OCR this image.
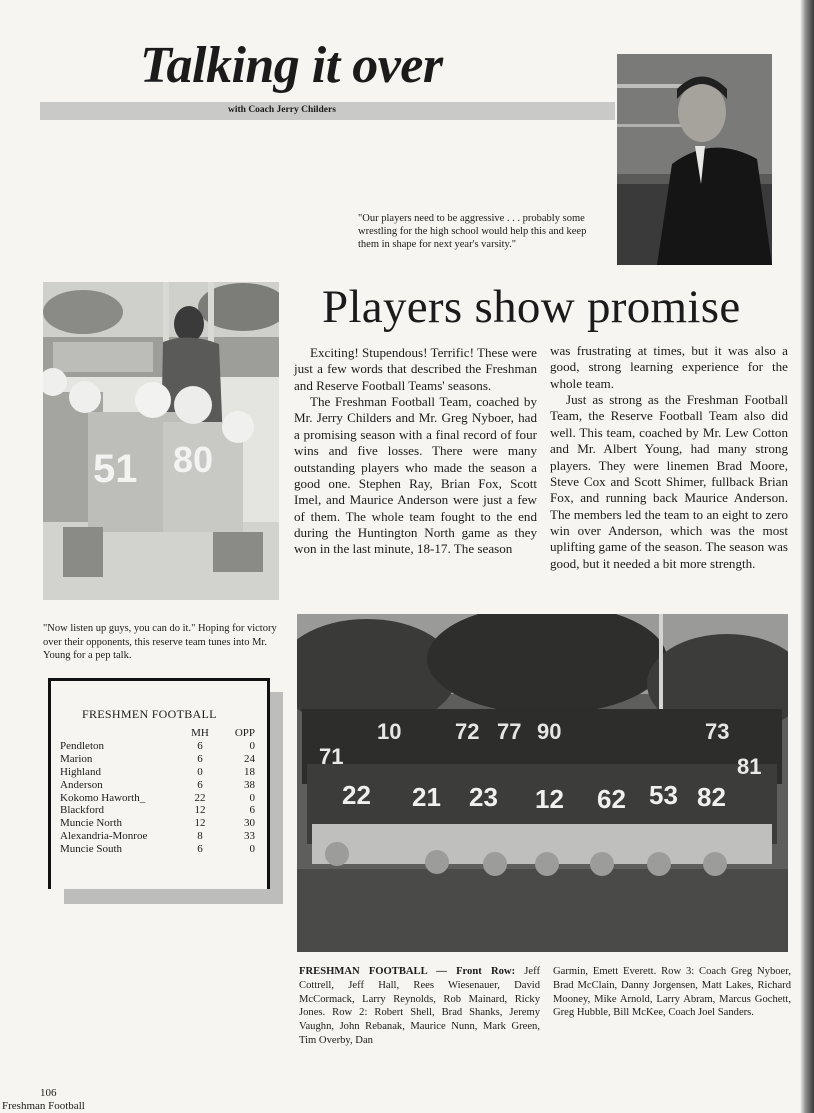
Talking it over
with Coach Jerry Childers
"Our players need to be aggressive . . . probably some wrestling for the high school would help this and keep them in shape for next year's varsity."
51 80
"Now listen up guys, you can do it." Hoping for victory over their opponents, this reserve team tunes into Mr. Young for a pep talk.
Players show promise

Exciting! Stupendous! Terrific! These were just a few words that described the Freshman and Reserve Football Teams' seasons.

The Freshman Football Team, coached by Mr. Jerry Childers and Mr. Greg Nyboer, had a promising season with a final record of four wins and five losses. There were many outstanding players who made the season a good one. Stephen Ray, Brian Fox, Scott Imel, and Maurice Anderson were just a few of them. The whole team fought to the end during the Huntington North game as they won in the last minute, 18-17. The season

was frustrating at times, but it was also a good, strong learning experience for the whole team.

Just as strong as the Freshman Football Team, the Reserve Football Team also did well. This team, coached by Mr. Lew Cotton and Mr. Albert Young, had many strong players. They were linemen Brad Moore, Steve Cox and Scott Shimer, fullback Brian Fox, and running back Maurice Anderson. The members led the team to an eight to zero win over Anderson, which was the most uplifting game of the season. The season was good, but it needed a bit more strength.

FRESHMEN FOOTBALL
	MH	OPP
Pendleton	6	0
Marion	6	24
Highland	0	18
Anderson	6	38
Kokomo Haworth_	22	0
Blackford	12	6
Muncie North	12	30
Alexandria-Monroe	8	33
Muncie South	6	0
10 72 77 90	73
71	81
22 21 23 12 62 53 82
FRESHMAN FOOTBALL — Front Row: Jeff Cottrell, Jeff Hall, Rees Wiesenauer, David McCormack, Larry Reynolds, Rob Mainard, Ricky Jones. Row 2: Robert Shell, Brad Shanks, Jeremy Vaughn, John Rebanak, Maurice Nunn, Mark Green, Tim Overby, Dan
Garmin, Emett Everett. Row 3: Coach Greg Nyboer, Brad McClain, Danny Jorgensen, Matt Lakes, Richard Mooney, Mike Arnold, Larry Abram, Marcus Gochett, Greg Hubble, Bill McKee, Coach Joel Sanders.
106
Freshman Football
